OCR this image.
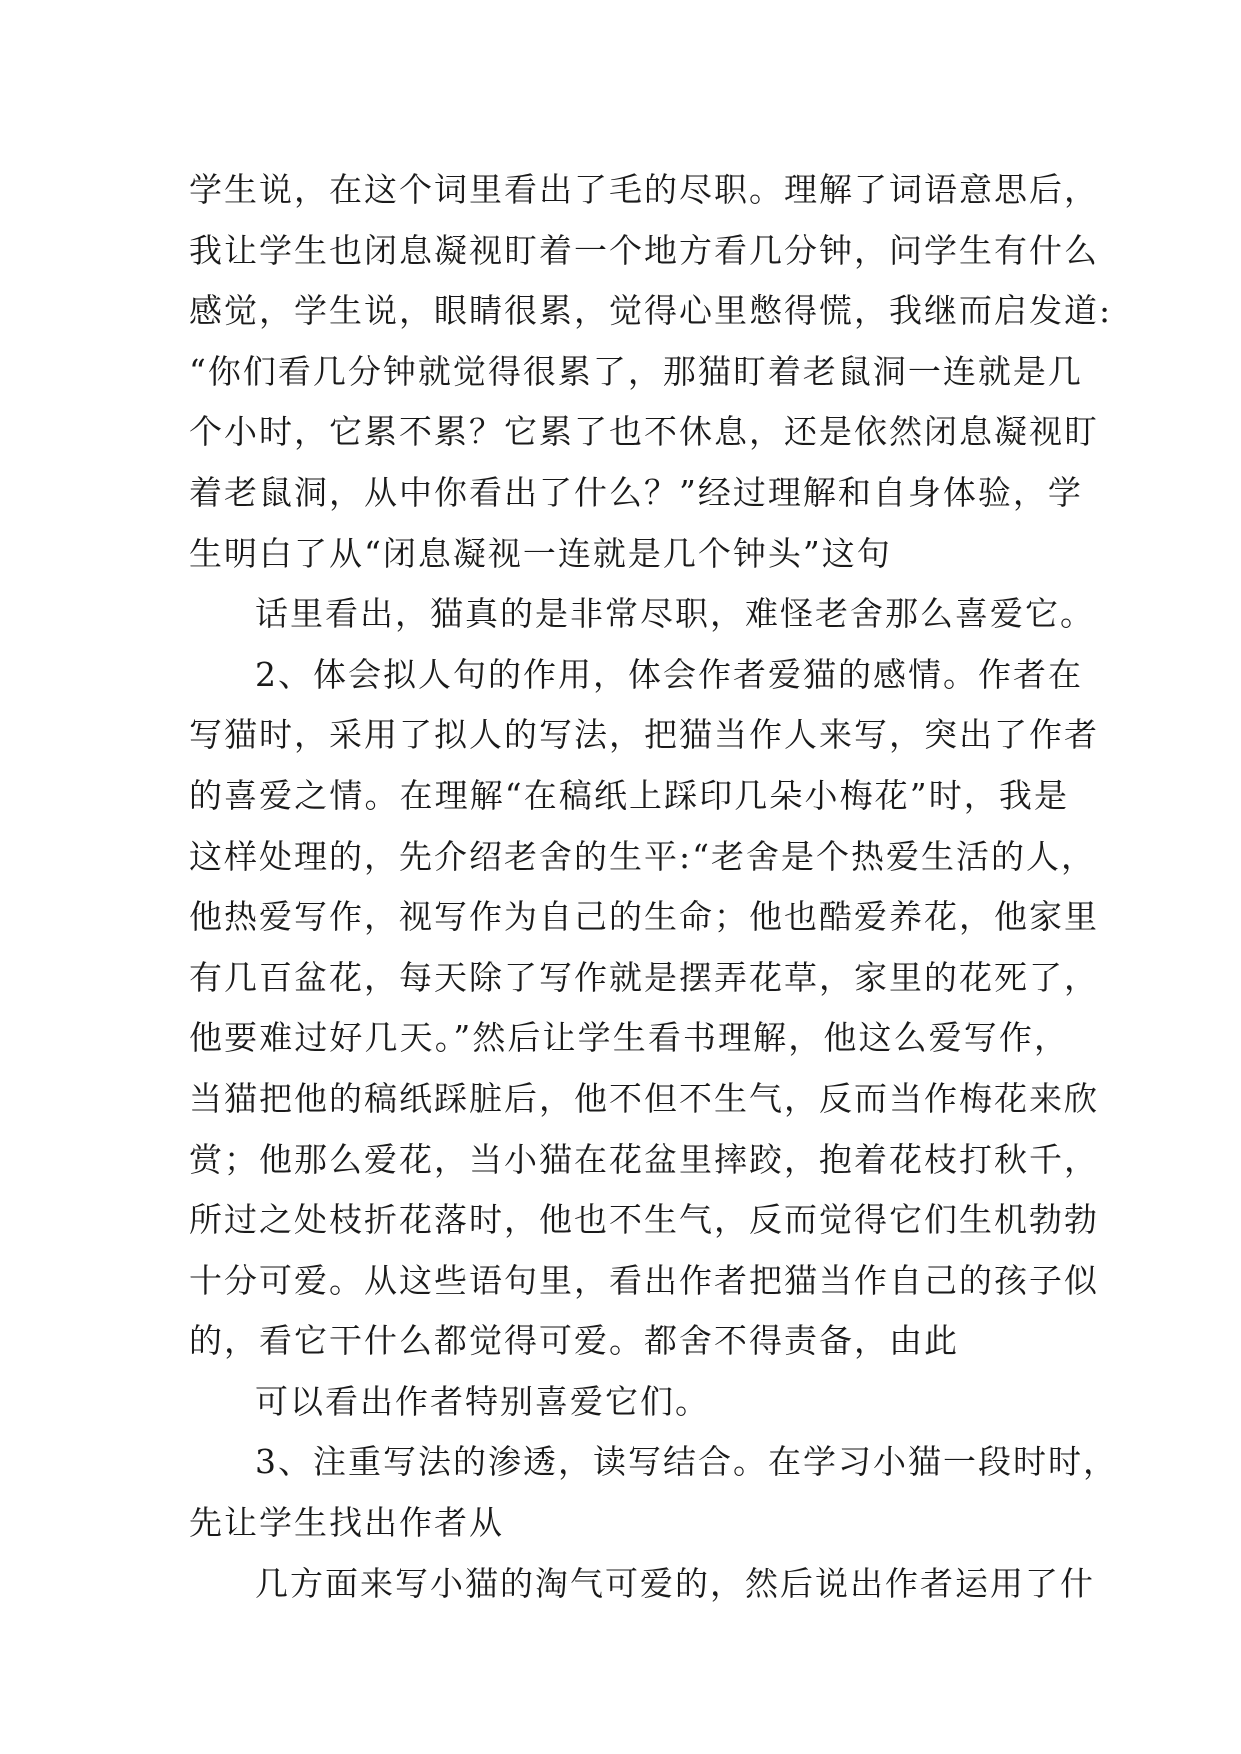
学生说，在这个词里看出了毛的尽职。理解了词语意思后，
我让学生也闭息凝视盯着一个地方看几分钟，问学生有什么
感觉，学生说，眼睛很累，觉得心里憋得慌，我继而启发道:
“你们看几分钟就觉得很累了，那猫盯着老鼠洞一连就是几
个小时，它累不累？它累了也不休息，还是依然闭息凝视盯
着老鼠洞，从中你看出了什么？”经过理解和自身体验，学
生明白了从“闭息凝视一连就是几个钟头”这句
话里看出，猫真的是非常尽职，难怪老舍那么喜爱它。
2、体会拟人句的作用，体会作者爱猫的感情。作者在
写猫时，采用了拟人的写法，把猫当作人来写，突出了作者
的喜爱之情。在理解“在稿纸上踩印几朵小梅花”时，我是
这样处理的，先介绍老舍的生平:“老舍是个热爱生活的人，
他热爱写作，视写作为自己的生命；他也酷爱养花，他家里
有几百盆花，每天除了写作就是摆弄花草，家里的花死了，
他要难过好几天。”然后让学生看书理解，他这么爱写作，
当猫把他的稿纸踩脏后，他不但不生气，反而当作梅花来欣
赏；他那么爱花，当小猫在花盆里摔跤，抱着花枝打秋千，
所过之处枝折花落时，他也不生气，反而觉得它们生机勃勃
十分可爱。从这些语句里，看出作者把猫当作自己的孩子似
的，看它干什么都觉得可爱。都舍不得责备，由此
可以看出作者特别喜爱它们。
3、注重写法的渗透，读写结合。在学习小猫一段时时，
先让学生找出作者从
几方面来写小猫的淘气可爱的，然后说出作者运用了什
